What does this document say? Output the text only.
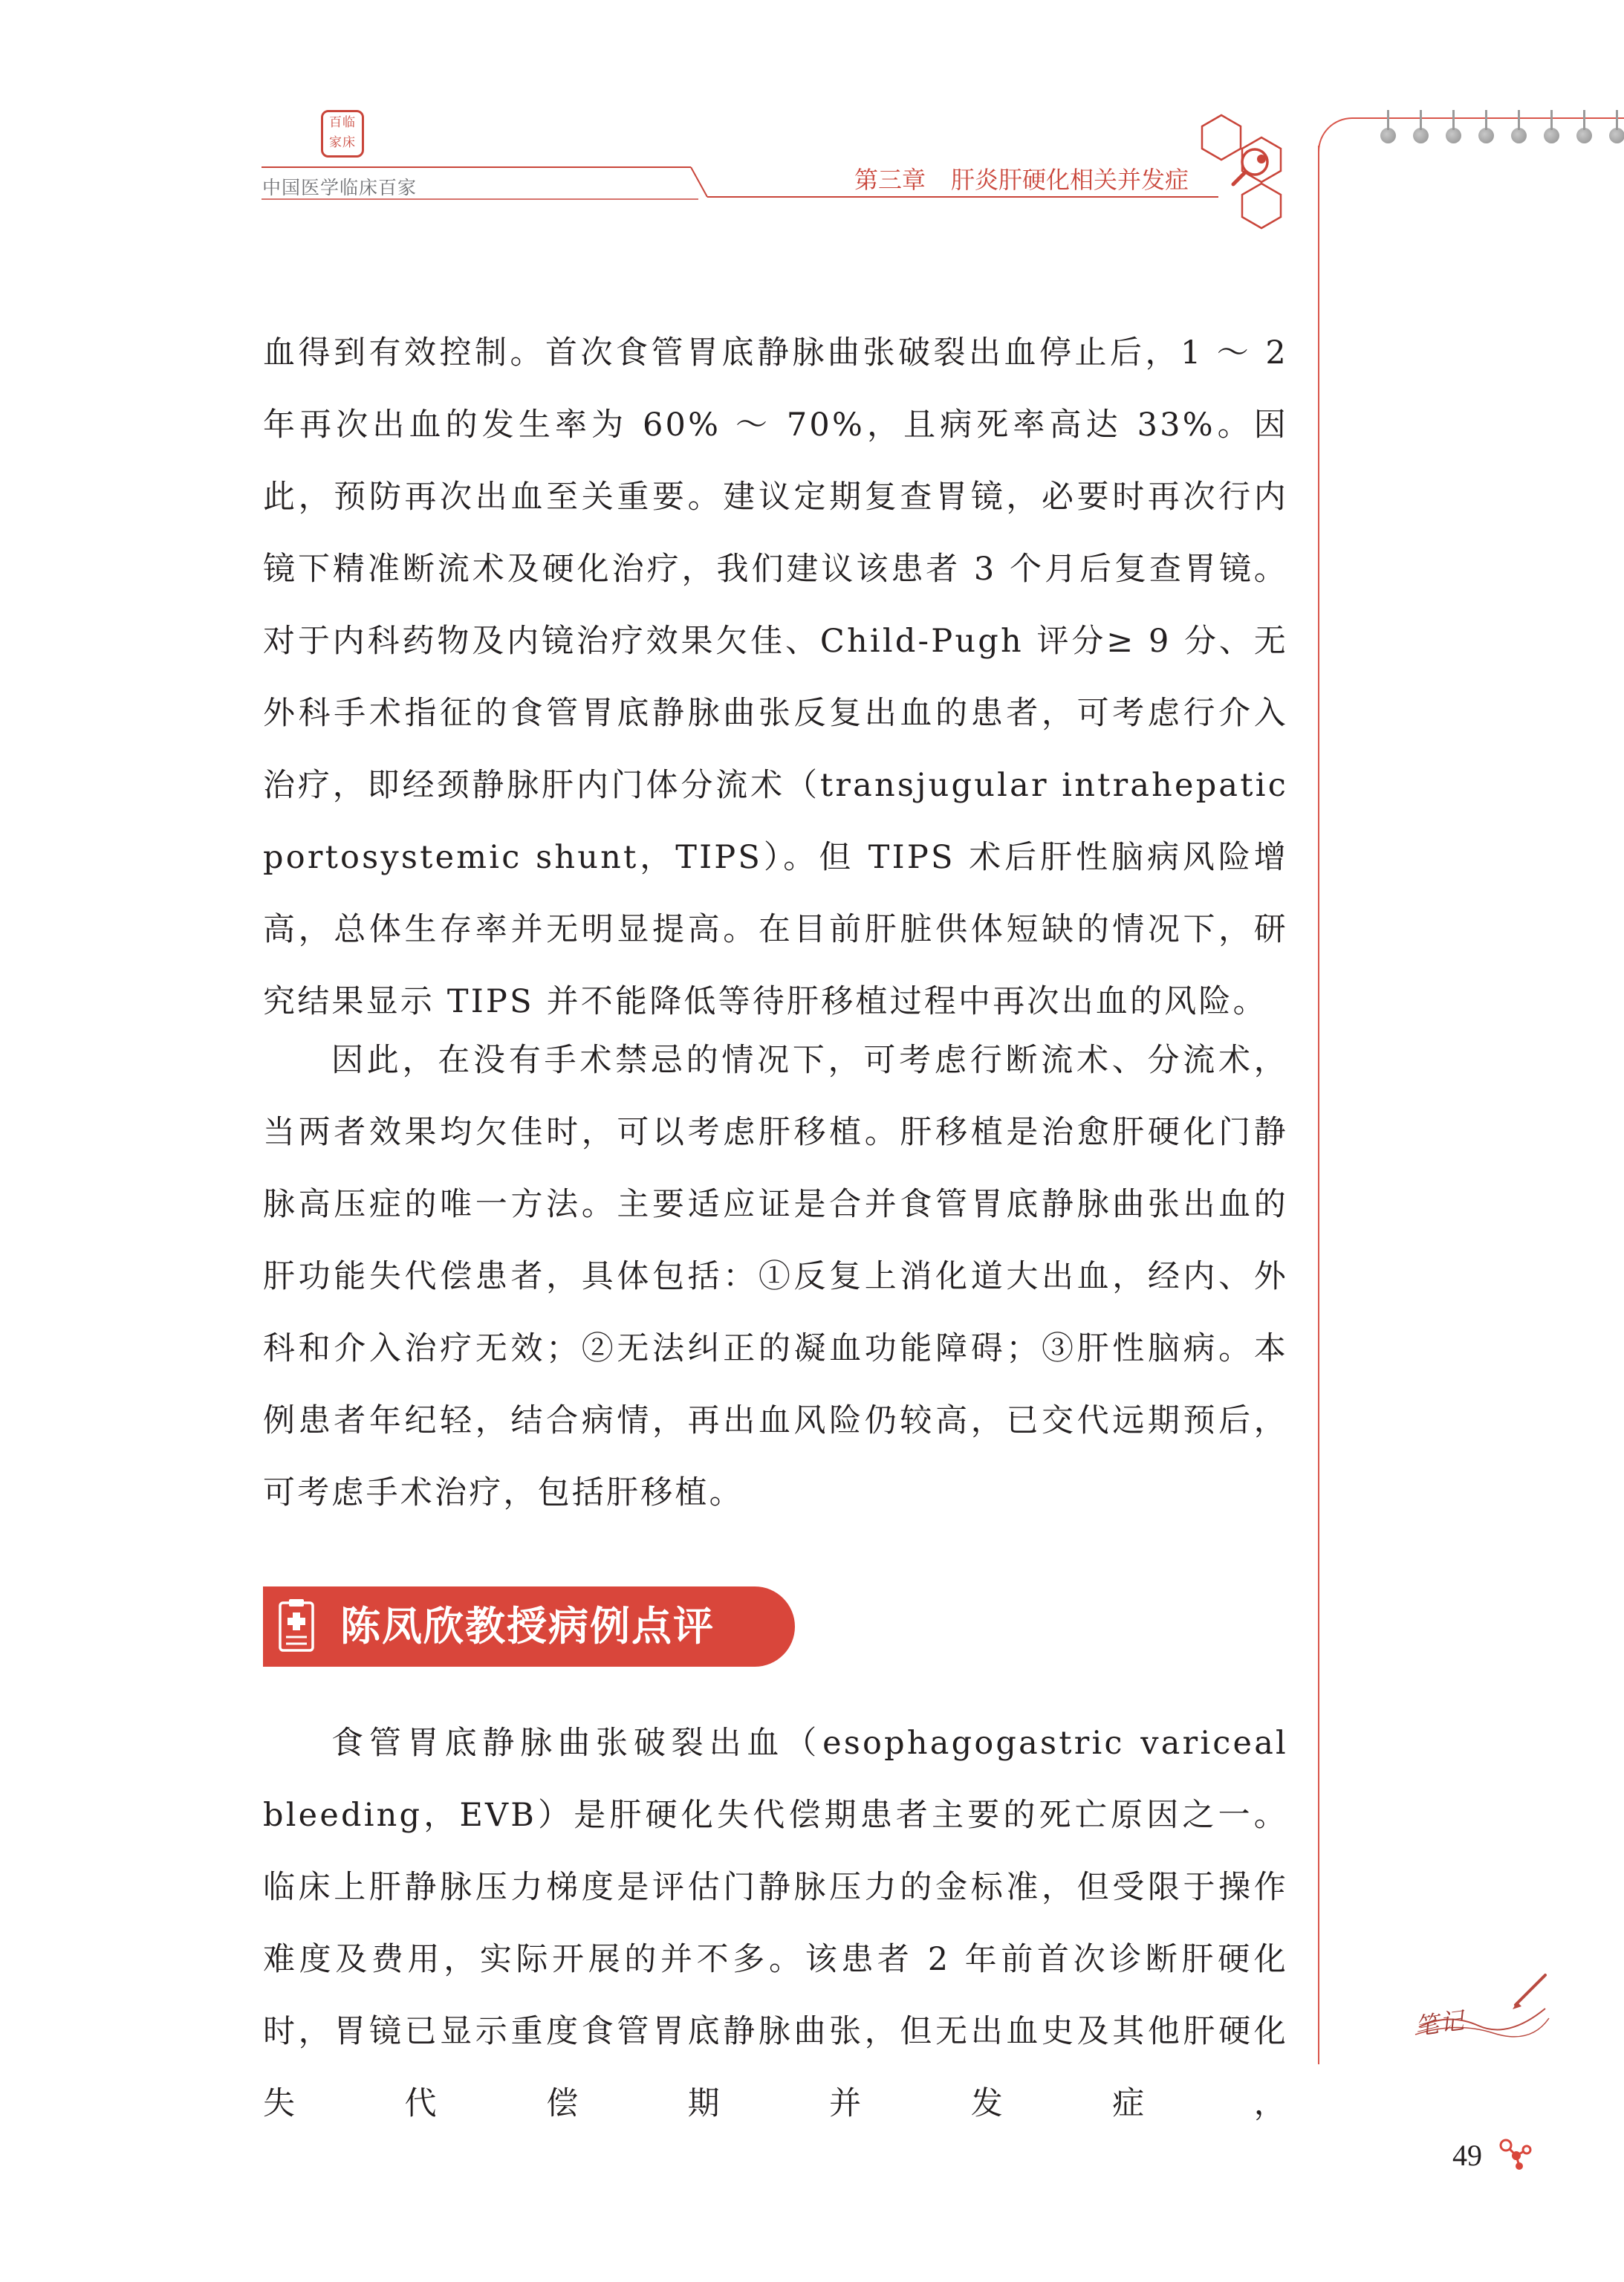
百临
家床
中国医学临床百家	第三章 肝炎肝硬化相关并发症
血得到有效控制。首次食管胃底静脉曲张破裂出血停止后，1 ～ 2 年再次出血的发生率为 60% ～ 70%，且病死率高达 33%。因此，预防再次出血至关重要。建议定期复查胃镜，必要时再次行内镜下精准断流术及硬化治疗，我们建议该患者 3 个月后复查胃镜。对于内科药物及内镜治疗效果欠佳、Child-Pugh 评分≥ 9 分、无外科手术指征的食管胃底静脉曲张反复出血的患者，可考虑行介入治疗，即经颈静脉肝内门体分流术（transjugular intrahepatic portosystemic shunt，TIPS）。但 TIPS 术后肝性脑病风险增高，总体生存率并无明显提高。在目前肝脏供体短缺的情况下，研究结果显示 TIPS 并不能降低等待肝移植过程中再次出血的风险。
因此，在没有手术禁忌的情况下，可考虑行断流术、分流术，当两者效果均欠佳时，可以考虑肝移植。肝移植是治愈肝硬化门静脉高压症的唯一方法。主要适应证是合并食管胃底静脉曲张出血的肝功能失代偿患者，具体包括：①反复上消化道大出血，经内、外科和介入治疗无效；②无法纠正的凝血功能障碍；③肝性脑病。本例患者年纪轻，结合病情，再出血风险仍较高，已交代远期预后，可考虑手术治疗，包括肝移植。
陈凤欣教授病例点评
食管胃底静脉曲张破裂出血（esophagogastric variceal bleeding，EVB）是肝硬化失代偿期患者主要的死亡原因之一。临床上肝静脉压力梯度是评估门静脉压力的金标准，但受限于操作难度及费用，实际开展的并不多。该患者 2 年前首次诊断肝硬化时，胃镜已显示重度食管胃底静脉曲张，但无出血史及其他肝硬化失代偿期并发症，
笔记
49
